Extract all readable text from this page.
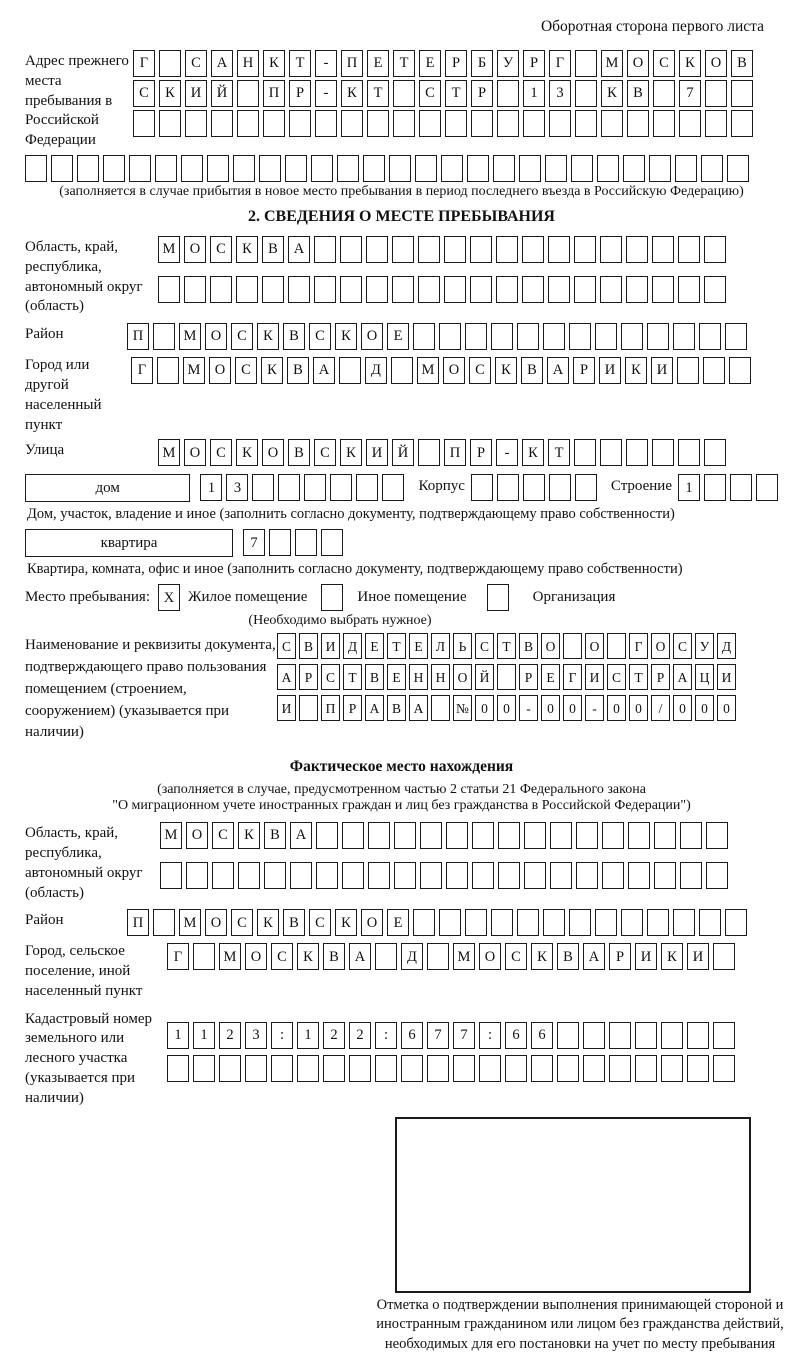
Оборотная сторона первого листа
Адрес прежнего места пребывания в Российской Федерации
Г	С	А	Н	К	Т	-	П	Е	Т	Е	Р	Б	У	Р	Г	М О	С	К	О	В
С	К	И	Й	П	Р	-	К	Т	С	Т	Р	1	3	К	В	7
(заполняется в случае прибытия в новое место пребывания в период последнего въезда в Российскую Федерацию)
2. СВЕДЕНИЯ О МЕСТЕ ПРЕБЫВАНИЯ
Область, край, республика, автономный округ (область)
М О	С	К	В	А
Район	П	М О	С	К	В	С	К	О	Е
Город или другой населенный пункт
Г	М О	С	К	В	А	Д	М О	С	К	В	А	Р	И	К	И
Улица	М О	С	К	О	В	С	К	И	Й	П	Р	-	К	Т
дом	1	3	Корпус	Строение 1
Дом, участок, владение и иное (заполнить согласно документу, подтверждающему право собственности)
квартира	7
Квартира, комната, офис и иное (заполнить согласно документу, подтверждающему право собственности)
Место пребывания: X Жилое помещение	Иное помещение	Организация
(Необходимо выбрать нужное)
Наименование и реквизиты документа, подтверждающего право пользования помещением (строением, сооружением) (указывается при наличии)
С В И Д Е	Т	Е Л	Ь	С Т В О	О	Г О С У Д
А Р	С Т В Е Н Н О Й	Р	Е	Г И С Т	Р А Ц И
И	П Р А В А	№ 0	0	-	0	0	-	0	0	/	0	0	0
Фактическое место нахождения
(заполняется в случае, предусмотренном частью 2 статьи 21 Федерального закона
"О миграционном учете иностранных граждан и лиц без гражданства в Российской Федерации")
Область, край, республика, автономный округ (область)
М О	С	К	В	А
Район	П	М О	С	К	В	С	К	О	Е
Город, сельское поселение, иной населенный пункт
Г	М О	С	К	В	А	Д	М О	С	К	В	А	Р	И	К	И
Кадастровый номер земельного или лесного участка (указывается при наличии)
1	1	2	3	:	1	2	2	:	6	7	7	:	6	6
Отметка о подтверждении выполнения принимающей стороной и иностранным гражданином или лицом без гражданства действий, необходимых для его постановки на учет по месту пребывания
